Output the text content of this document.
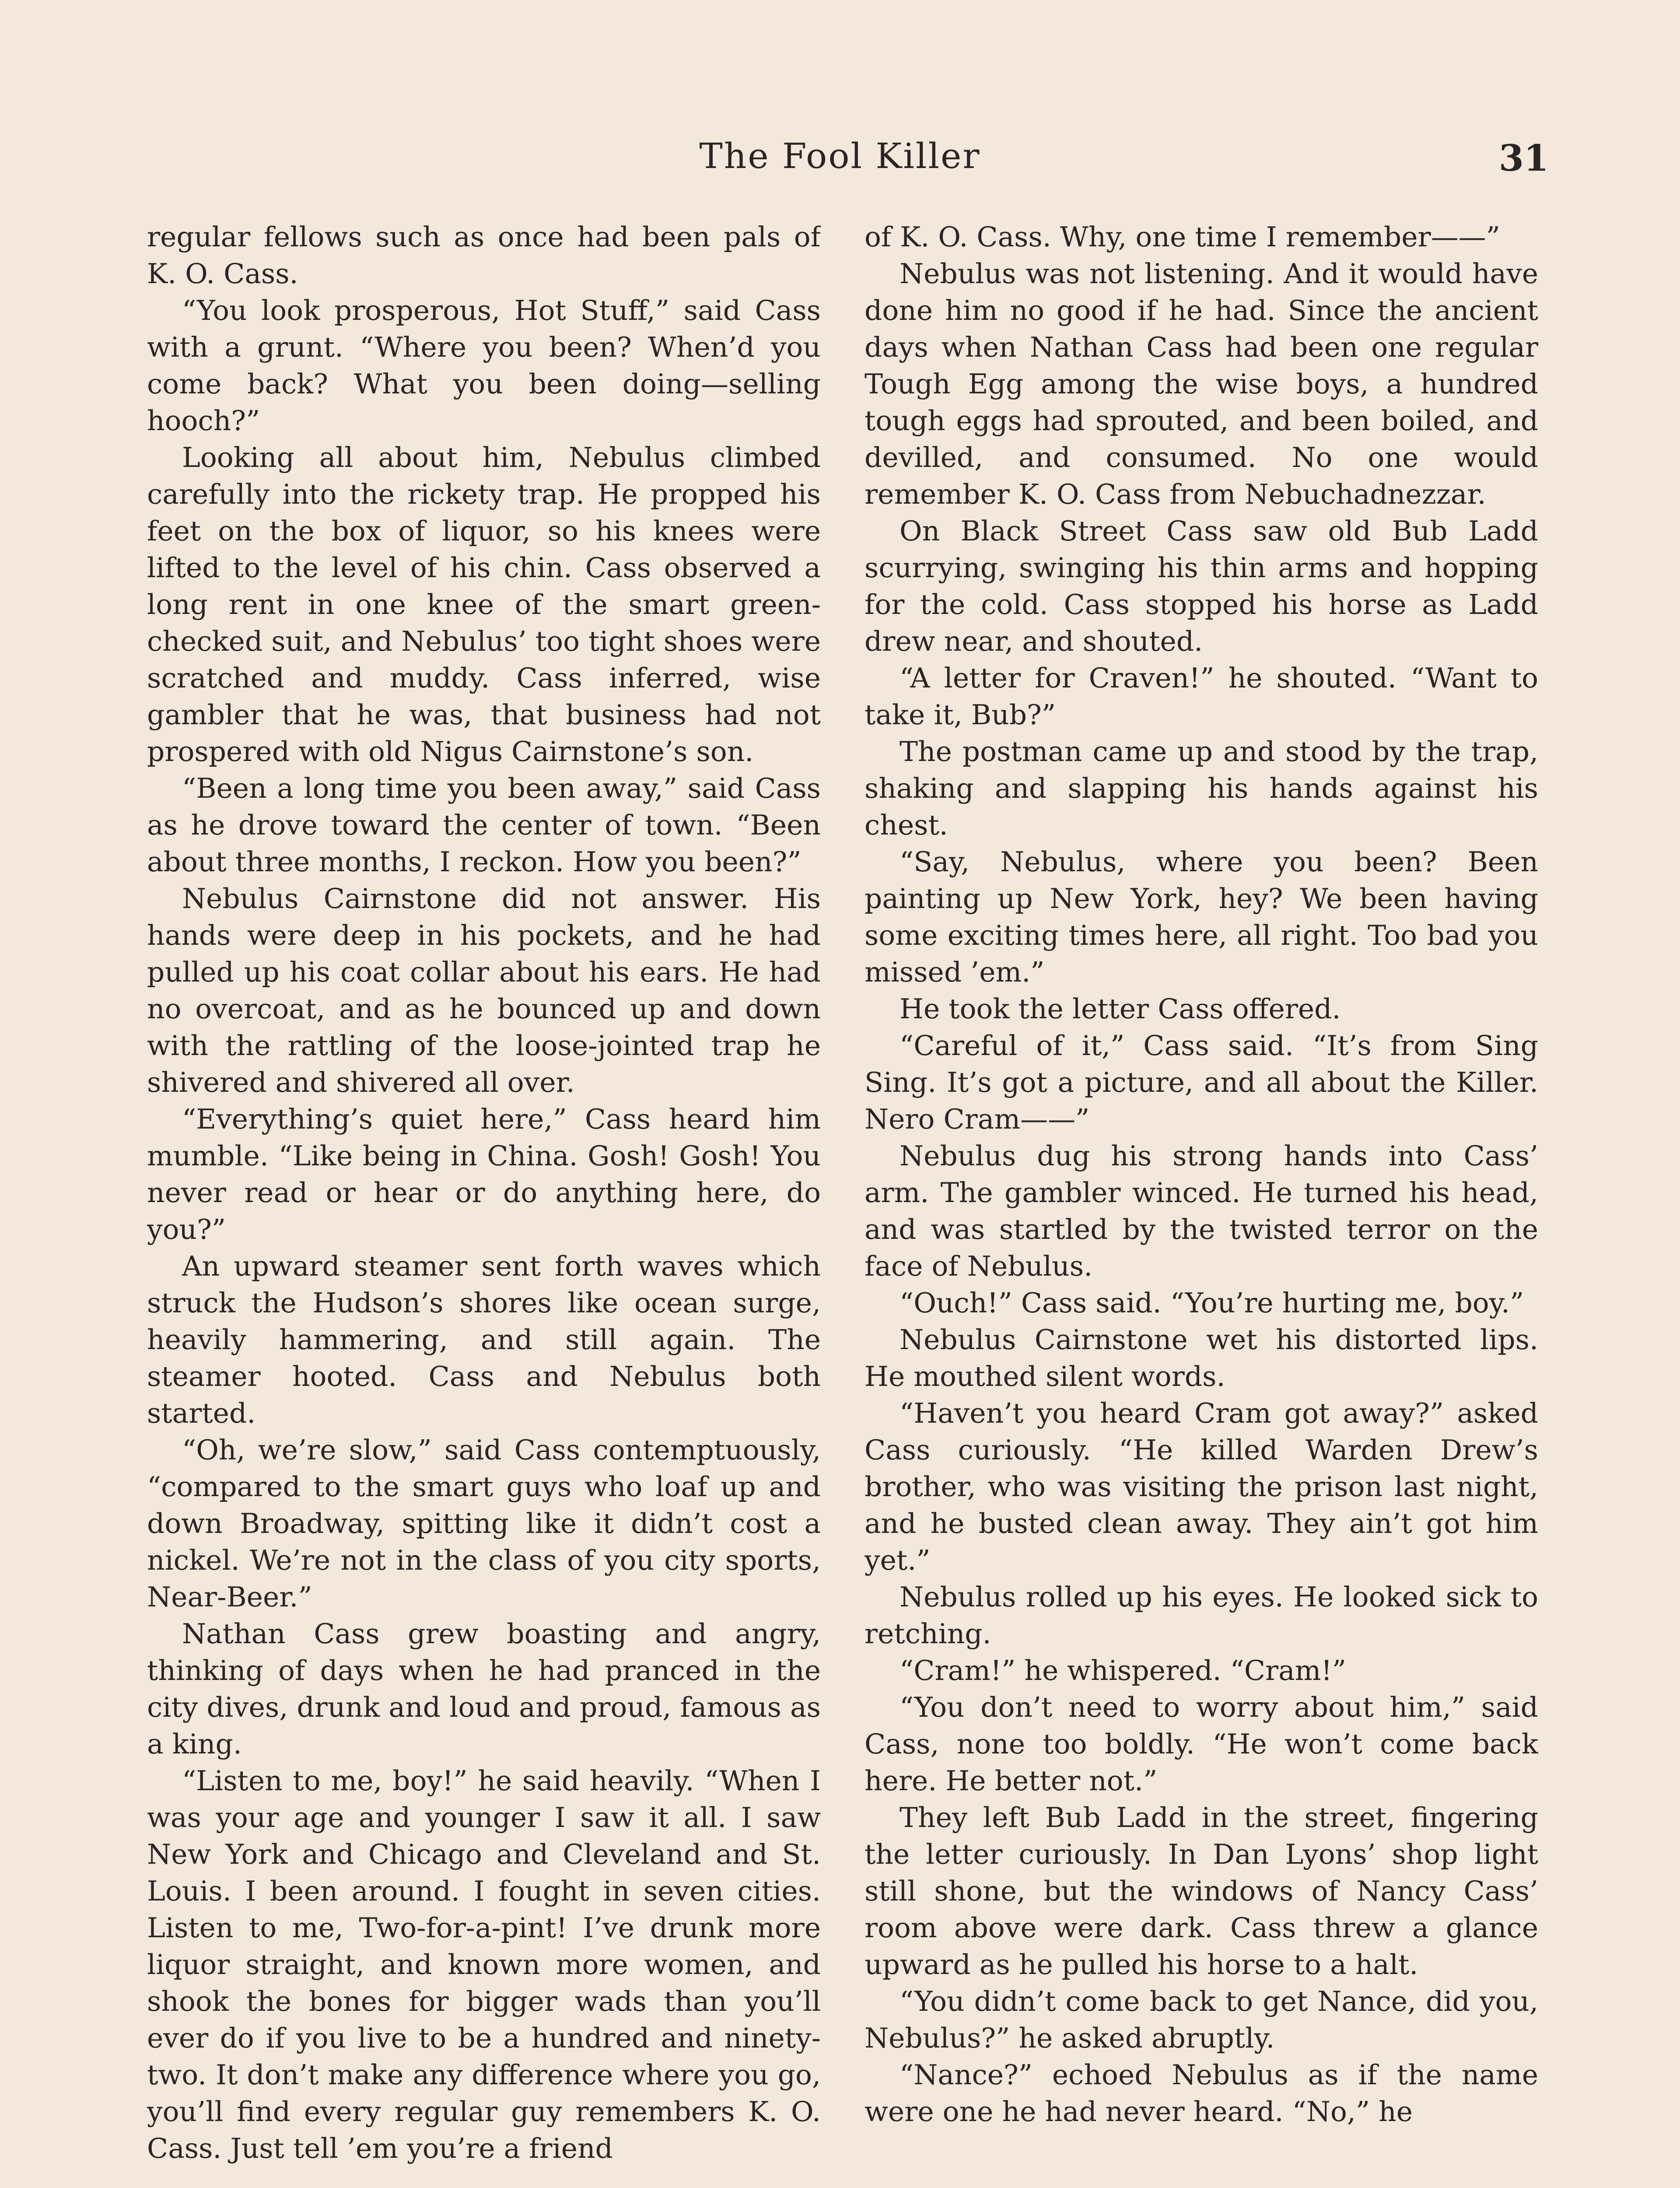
The Fool Killer	31

regular fellows such as once had been pals of K. O. Cass.

“You look prosperous, Hot Stuff,” said Cass with a grunt. “Where you been? When’d you come back? What you been doing—selling hooch?”

Looking all about him, Nebulus climbed carefully into the rickety trap. He propped his feet on the box of liquor, so his knees were lifted to the level of his chin. Cass observed a long rent in one knee of the smart green-checked suit, and Nebulus’ too tight shoes were scratched and muddy. Cass inferred, wise gambler that he was, that business had not prospered with old Nigus Cairnstone’s son.

“Been a long time you been away,” said Cass as he drove toward the center of town. “Been about three months, I reckon. How you been?”

Nebulus Cairnstone did not answer. His hands were deep in his pockets, and he had pulled up his coat collar about his ears. He had no overcoat, and as he bounced up and down with the rattling of the loose-jointed trap he shivered and shivered all over.

“Everything’s quiet here,” Cass heard him mumble. “Like being in China. Gosh! Gosh! You never read or hear or do anything here, do you?”

An upward steamer sent forth waves which struck the Hudson’s shores like ocean surge, heavily hammering, and still again. The steamer hooted. Cass and Nebulus both started.

“Oh, we’re slow,” said Cass contemptuously, “compared to the smart guys who loaf up and down Broadway, spitting like it didn’t cost a nickel. We’re not in the class of you city sports, Near-Beer.”

Nathan Cass grew boasting and angry, thinking of days when he had pranced in the city dives, drunk and loud and proud, famous as a king.

“Listen to me, boy!” he said heavily. “When I was your age and younger I saw it all. I saw New York and Chicago and Cleveland and St. Louis. I been around. I fought in seven cities. Listen to me, Two-for-a-pint! I’ve drunk more liquor straight, and known more women, and shook the bones for bigger wads than you’ll ever do if you live to be a hundred and ninety-two. It don’t make any difference where you go, you’ll find every regular guy remembers K. O. Cass. Just tell ’em you’re a friend

of K. O. Cass. Why, one time I remember——”

Nebulus was not listening. And it would have done him no good if he had. Since the ancient days when Nathan Cass had been one regular Tough Egg among the wise boys, a hundred tough eggs had sprouted, and been boiled, and devilled, and consumed. No one would remember K. O. Cass from Nebuchadnezzar.

On Black Street Cass saw old Bub Ladd scurrying, swinging his thin arms and hopping for the cold. Cass stopped his horse as Ladd drew near, and shouted.

“A letter for Craven!” he shouted. “Want to take it, Bub?”

The postman came up and stood by the trap, shaking and slapping his hands against his chest.

“Say, Nebulus, where you been? Been painting up New York, hey? We been having some exciting times here, all right. Too bad you missed ’em.”

He took the letter Cass offered.

“Careful of it,” Cass said. “It’s from Sing Sing. It’s got a picture, and all about the Killer. Nero Cram——”

Nebulus dug his strong hands into Cass’ arm. The gambler winced. He turned his head, and was startled by the twisted terror on the face of Nebulus.

“Ouch!” Cass said. “You’re hurting me, boy.”

Nebulus Cairnstone wet his distorted lips. He mouthed silent words.

“Haven’t you heard Cram got away?” asked Cass curiously. “He killed Warden Drew’s brother, who was visiting the prison last night, and he busted clean away. They ain’t got him yet.”

Nebulus rolled up his eyes. He looked sick to retching.

“Cram!” he whispered. “Cram!”

“You don’t need to worry about him,” said Cass, none too boldly. “He won’t come back here. He better not.”

They left Bub Ladd in the street, fingering the letter curiously. In Dan Lyons’ shop light still shone, but the windows of Nancy Cass’ room above were dark. Cass threw a glance upward as he pulled his horse to a halt.

“You didn’t come back to get Nance, did you, Nebulus?” he asked abruptly.

“Nance?” echoed Nebulus as if the name were one he had never heard. “No,” he
